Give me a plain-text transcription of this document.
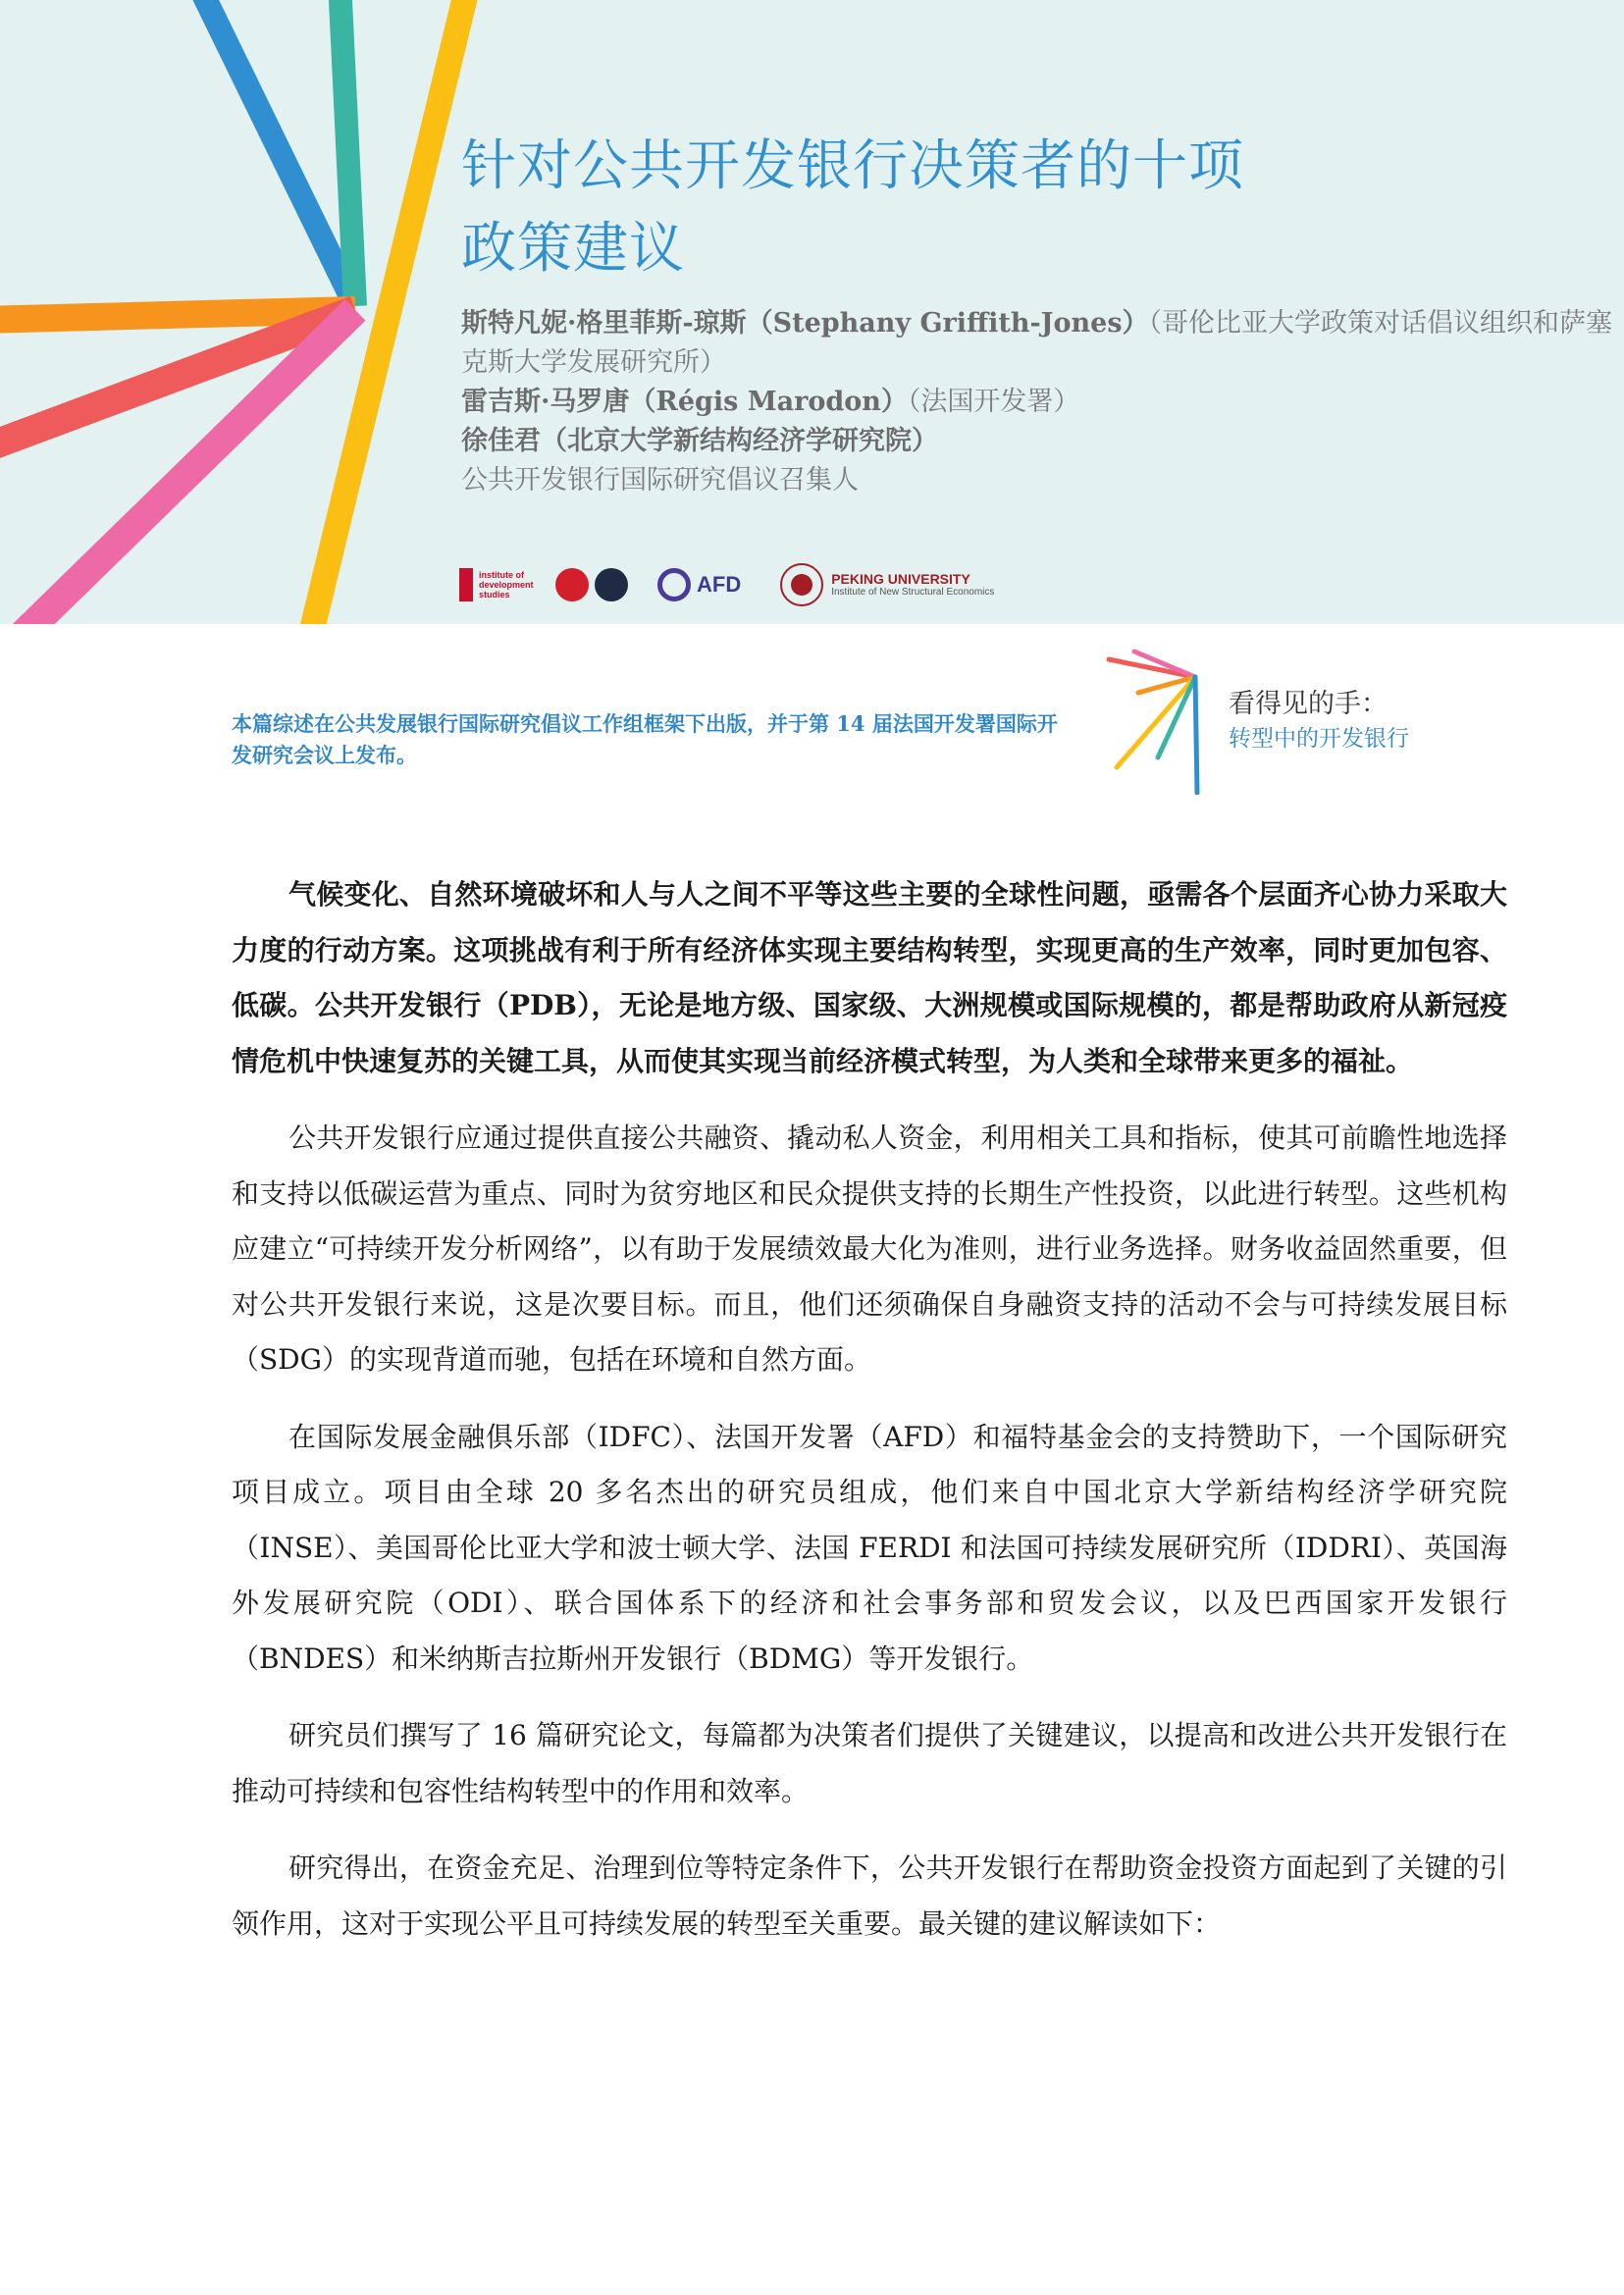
针对公共开发银行决策者的十项
政策建议
斯特凡妮·格里菲斯-琼斯（Stephany Griffith-Jones）（哥伦比亚大学政策对话倡议组织和萨塞
克斯大学发展研究所）
雷吉斯·马罗唐（Régis Marodon）（法国开发署）
徐佳君（北京大学新结构经济学研究院）
公共开发银行国际研究倡议召集人
institute of development studies	AFD	PEKING UNIVERSITY
Institute of New Structural Economics

本篇综述在公共发展银行国际研究倡议工作组框架下出版，并于第 14 届法国开发署国际开发研究会议上发布。

看得见的手：
转型中的开发银行

气候变化、自然环境破坏和人与人之间不平等这些主要的全球性问题，亟需各个层面齐心协力采取大力度的行动方案。这项挑战有利于所有经济体实现主要结构转型，实现更高的生产效率，同时更加包容、低碳。公共开发银行（PDB），无论是地方级、国家级、大洲规模或国际规模的，都是帮助政府从新冠疫情危机中快速复苏的关键工具，从而使其实现当前经济模式转型，为人类和全球带来更多的福祉。

公共开发银行应通过提供直接公共融资、撬动私人资金，利用相关工具和指标，使其可前瞻性地选择和支持以低碳运营为重点、同时为贫穷地区和民众提供支持的长期生产性投资，以此进行转型。这些机构应建立“可持续开发分析网络”，以有助于发展绩效最大化为准则，进行业务选择。财务收益固然重要，但对公共开发银行来说，这是次要目标。而且，他们还须确保自身融资支持的活动不会与可持续发展目标（SDG）的实现背道而驰，包括在环境和自然方面。

在国际发展金融俱乐部（IDFC）、法国开发署（AFD）和福特基金会的支持赞助下，一个国际研究项目成立。项目由全球 20 多名杰出的研究员组成，他们来自中国北京大学新结构经济学研究院（INSE）、美国哥伦比亚大学和波士顿大学、法国 FERDI 和法国可持续发展研究所（IDDRI）、英国海外发展研究院（ODI）、联合国体系下的经济和社会事务部和贸发会议，以及巴西国家开发银行（BNDES）和米纳斯吉拉斯州开发银行（BDMG）等开发银行。

研究员们撰写了 16 篇研究论文，每篇都为决策者们提供了关键建议，以提高和改进公共开发银行在推动可持续和包容性结构转型中的作用和效率。

研究得出，在资金充足、治理到位等特定条件下，公共开发银行在帮助资金投资方面起到了关键的引领作用，这对于实现公平且可持续发展的转型至关重要。最关键的建议解读如下：
